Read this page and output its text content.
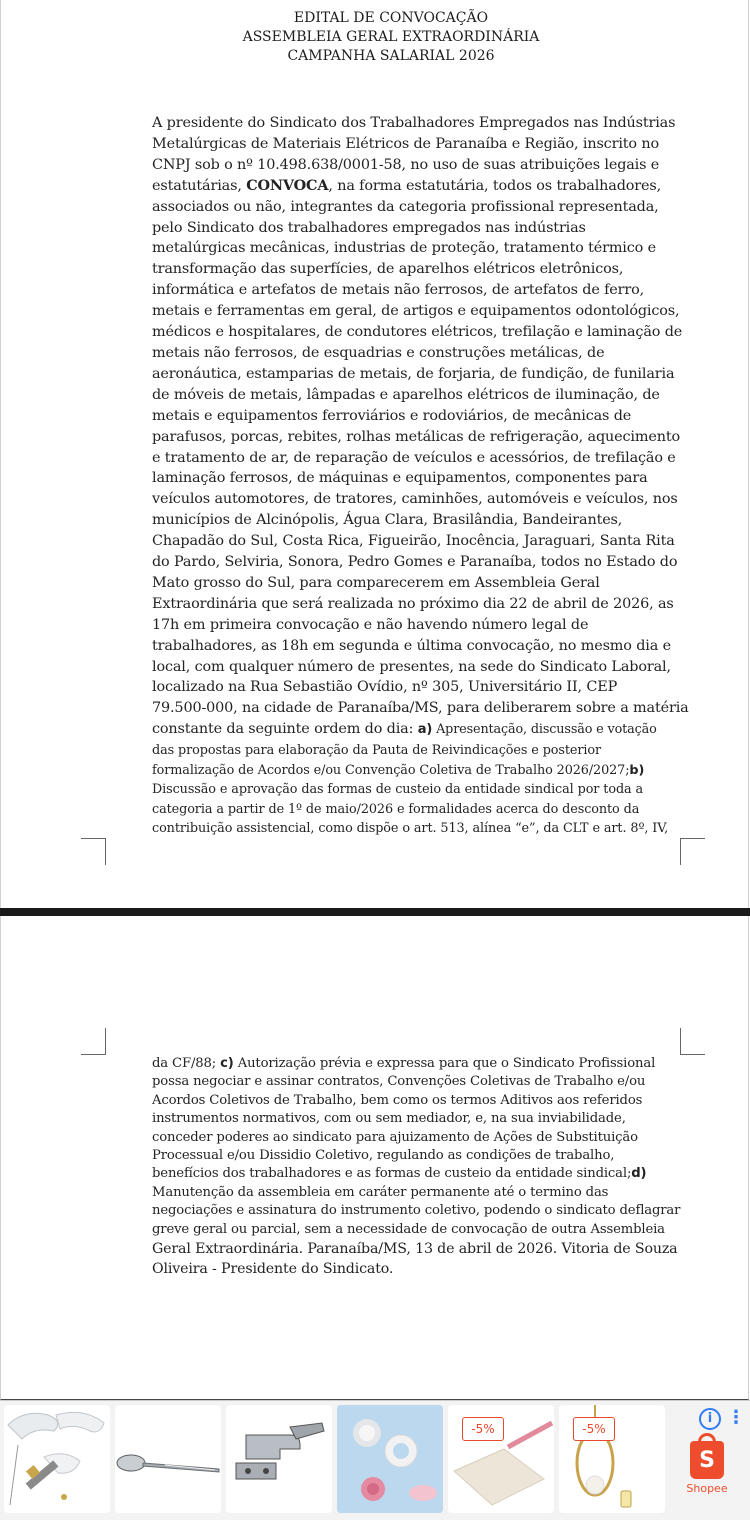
EDITAL DE CONVOCAÇÃO
ASSEMBLEIA GERAL EXTRAORDINÁRIA
CAMPANHA SALARIAL 2026
A presidente do Sindicato dos Trabalhadores Empregados nas Indústrias
Metalúrgicas de Materiais Elétricos de Paranaíba e Região, inscrito no
CNPJ sob o nº 10.498.638/0001-58, no uso de suas atribuições legais e
estatutárias, CONVOCA, na forma estatutária, todos os trabalhadores,
associados ou não, integrantes da categoria profissional representada,
pelo Sindicato dos trabalhadores empregados nas indústrias
metalúrgicas mecânicas, industrias de proteção, tratamento térmico e
transformação das superfícies, de aparelhos elétricos eletrônicos,
informática e artefatos de metais não ferrosos, de artefatos de ferro,
metais e ferramentas em geral, de artigos e equipamentos odontológicos,
médicos e hospitalares, de condutores elétricos, trefilação e laminação de
metais não ferrosos, de esquadrias e construções metálicas, de
aeronáutica, estamparias de metais, de forjaria, de fundição, de funilaria
de móveis de metais, lâmpadas e aparelhos elétricos de iluminação, de
metais e equipamentos ferroviários e rodoviários, de mecânicas de
parafusos, porcas, rebites, rolhas metálicas de refrigeração, aquecimento
e tratamento de ar, de reparação de veículos e acessórios, de trefilação e
laminação ferrosos, de máquinas e equipamentos, componentes para
veículos automotores, de tratores, caminhões, automóveis e veículos, nos
municípios de Alcinópolis, Água Clara, Brasilândia, Bandeirantes,
Chapadão do Sul, Costa Rica, Figueirão, Inocência, Jaraguari, Santa Rita
do Pardo, Selviria, Sonora, Pedro Gomes e Paranaíba, todos no Estado do
Mato grosso do Sul, para comparecerem em Assembleia Geral
Extraordinária que será realizada no próximo dia 22 de abril de 2026, as
17h em primeira convocação e não havendo número legal de
trabalhadores, as 18h em segunda e última convocação, no mesmo dia e
local, com qualquer número de presentes, na sede do Sindicato Laboral,
localizado na Rua Sebastião Ovídio, nº 305, Universitário II, CEP
79.500-000, na cidade de Paranaíba/MS, para deliberarem sobre a matéria
constante da seguinte ordem do dia: a) Apresentação, discussão e votação
das propostas para elaboração da Pauta de Reivindicações e posterior
formalização de Acordos e/ou Convenção Coletiva de Trabalho 2026/2027;b)
Discussão e aprovação das formas de custeio da entidade sindical por toda a
categoria a partir de 1º de maio/2026 e formalidades acerca do desconto da
contribuição assistencial, como dispõe o art. 513, alínea “e”, da CLT e art. 8º, IV,
da CF/88; c) Autorização prévia e expressa para que o Sindicato Profissional
possa negociar e assinar contratos, Convenções Coletivas de Trabalho e/ou
Acordos Coletivos de Trabalho, bem como os termos Aditivos aos referidos
instrumentos normativos, com ou sem mediador, e, na sua inviabilidade,
conceder poderes ao sindicato para ajuizamento de Ações de Substituição
Processual e/ou Dissidio Coletivo, regulando as condições de trabalho,
benefícios dos trabalhadores e as formas de custeio da entidade sindical;d)
Manutenção da assembleia em caráter permanente até o termino das
negociações e assinatura do instrumento coletivo, podendo o sindicato deflagrar
greve geral ou parcial, sem a necessidade de convocação de outra Assembleia
Geral Extraordinária. Paranaíba/MS, 13 de abril de 2026. Vitoria de Souza
Oliveira - Presidente do Sindicato.
-5%	-5%
i ⋮
S
Shopee
